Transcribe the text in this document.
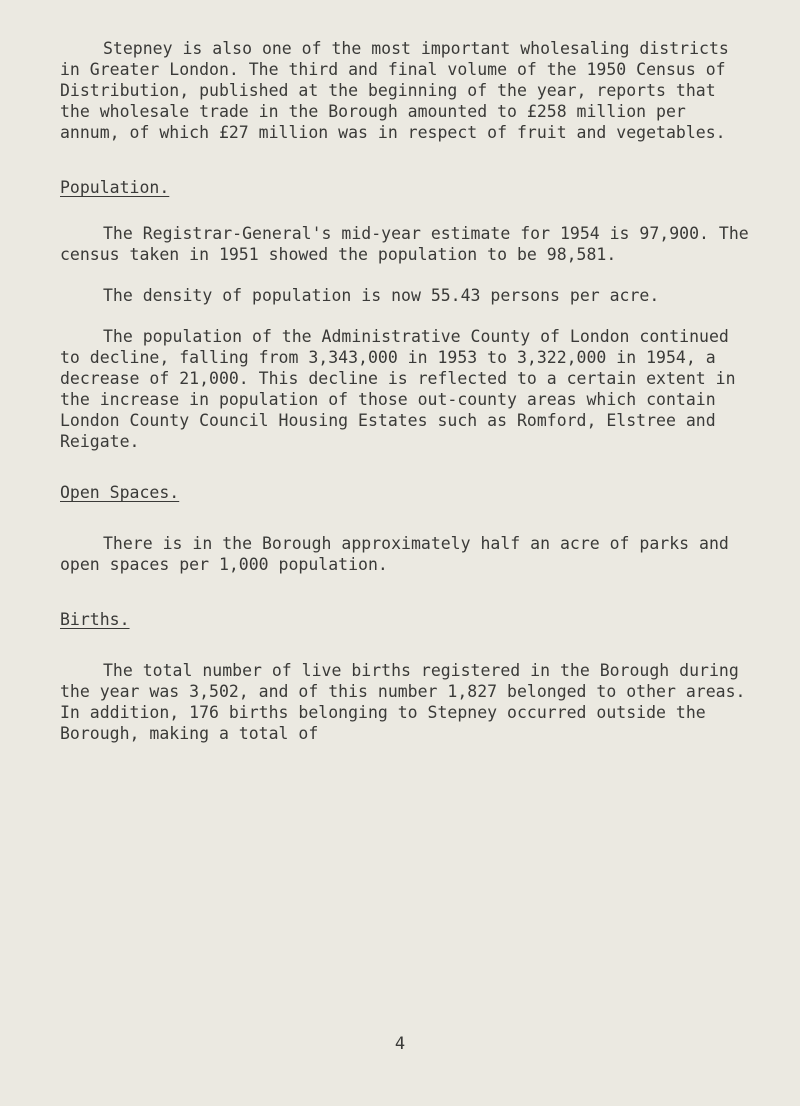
Stepney is also one of the most important wholesaling districts in Greater London. The third and final volume of the 1950 Census of Distribution, published at the beginning of the year, reports that the wholesale trade in the Borough amounted to £258 million per annum, of which £27 million was in respect of fruit and vegetables.

Population.

The Registrar-General's mid-year estimate for 1954 is 97,900. The census taken in 1951 showed the population to be 98,581.

The density of population is now 55.43 persons per acre.

The population of the Administrative County of London continued to decline, falling from 3,343,000 in 1953 to 3,322,000 in 1954, a decrease of 21,000. This decline is reflected to a certain extent in the increase in population of those out-county areas which contain London County Council Housing Estates such as Romford, Elstree and Reigate.

Open Spaces.

There is in the Borough approximately half an acre of parks and open spaces per 1,000 population.

Births.

The total number of live births registered in the Borough during the year was 3,502, and of this number 1,827 belonged to other areas. In addition, 176 births belonging to Stepney occurred outside the Borough, making a total of

4
